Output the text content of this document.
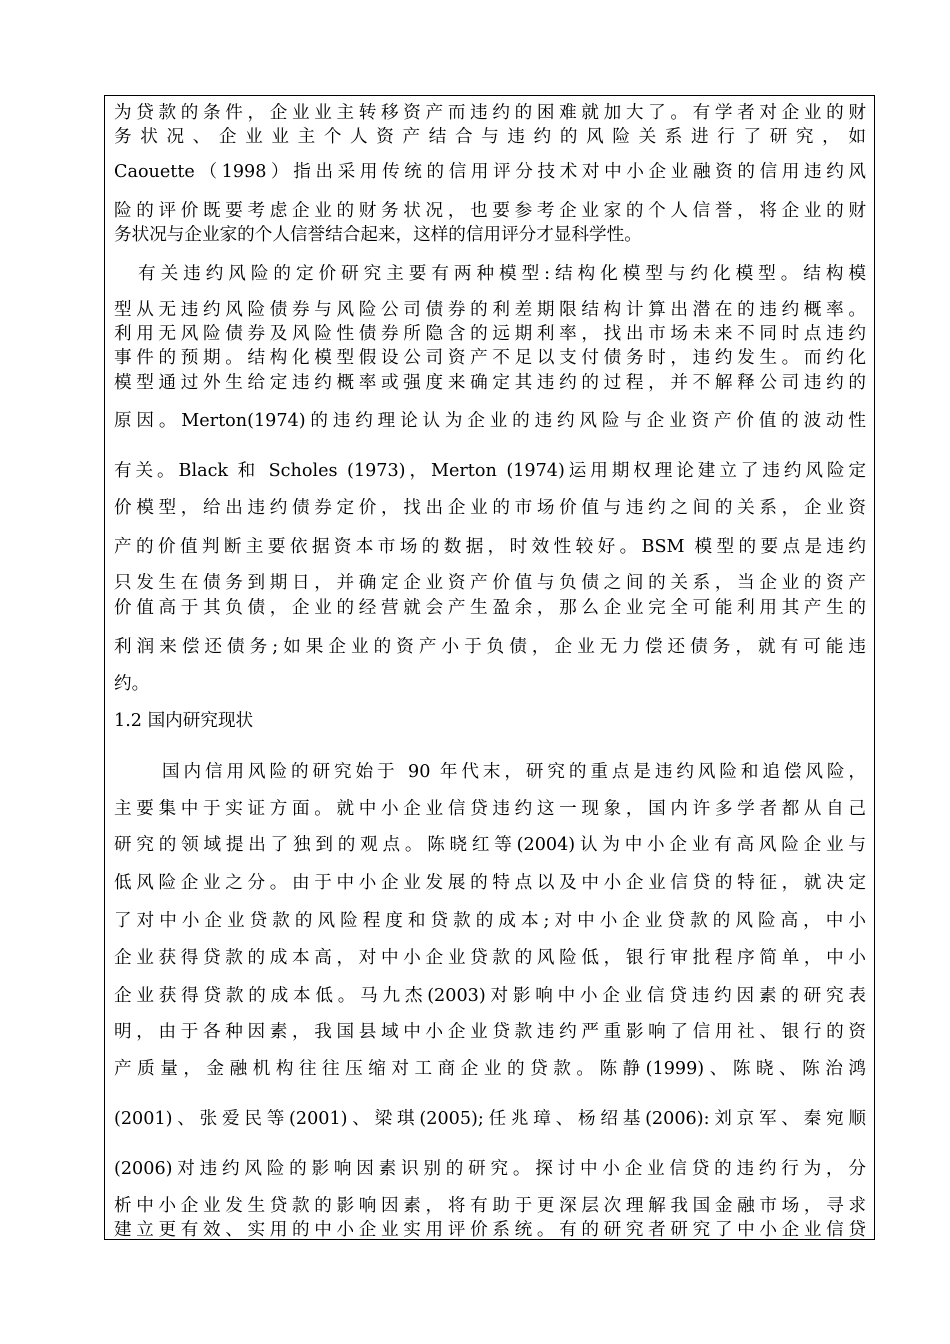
为贷款的条件，企业业主转移资产而违约的困难就加大了。有学者对企业的财
务状况、企业业主个人资产结合与违约的风险关系进行了研究，如
Caouette（1998）指出采用传统的信用评分技术对中小企业融资的信用违约风
险的评价既要考虑企业的财务状况，也要参考企业家的个人信誉，将企业的财
务状况与企业家的个人信誉结合起来，这样的信用评分才显科学性。
有关违约风险的定价研究主要有两种模型:结构化模型与约化模型。结构模
型从无违约风险债券与风险公司债券的利差期限结构计算出潜在的违约概率。
利用无风险债券及风险性债券所隐含的远期利率，找出市场未来不同时点违约
事件的预期。结构化模型假设公司资产不足以支付债务时，违约发生。而约化
模型通过外生给定违约概率或强度来确定其违约的过程，并不解释公司违约的
原因。Merton(1974)的违约理论认为企业的违约风险与企业资产价值的波动性
有关。Black 和 Scholes (1973)，Merton (1974)运用期权理论建立了违约风险定
价模型，给出违约债券定价，找出企业的市场价值与违约之间的关系，企业资
产的价值判断主要依据资本市场的数据，时效性较好。BSM 模型的要点是违约
只发生在债务到期日，并确定企业资产价值与负债之间的关系，当企业的资产
价值高于其负债，企业的经营就会产生盈余，那么企业完全可能利用其产生的
利润来偿还债务;如果企业的资产小于负债，企业无力偿还债务，就有可能违
约。
1.2 国内研究现状
国内信用风险的研究始于 90 年代末，研究的重点是违约风险和追偿风险，
主要集中于实证方面。就中小企业信贷违约这一现象，国内许多学者都从自己
研究的领域提出了独到的观点。陈晓红等(2004)认为中小企业有高风险企业与
低风险企业之分。由于中小企业发展的特点以及中小企业信贷的特征，就决定
了对中小企业贷款的风险程度和贷款的成本;对中小企业贷款的风险高，中小
企业获得贷款的成本高，对中小企业贷款的风险低，银行审批程序简单，中小
企业获得贷款的成本低。马九杰(2003)对影响中小企业信贷违约因素的研究表
明，由于各种因素，我国县域中小企业贷款违约严重影响了信用社、银行的资
产质量，金融机构往往压缩对工商企业的贷款。陈静(1999)、陈晓、陈治鸿
(2001)、张爱民等(2001)、梁琪(2005);任兆璋、杨绍基(2006):刘京军、秦宛顺
(2006)对违约风险的影响因素识别的研究。探讨中小企业信贷的违约行为，分
析中小企业发生贷款的影响因素，将有助于更深层次理解我国金融市场，寻求
建立更有效、实用的中小企业实用评价系统。有的研究者研究了中小企业信贷
